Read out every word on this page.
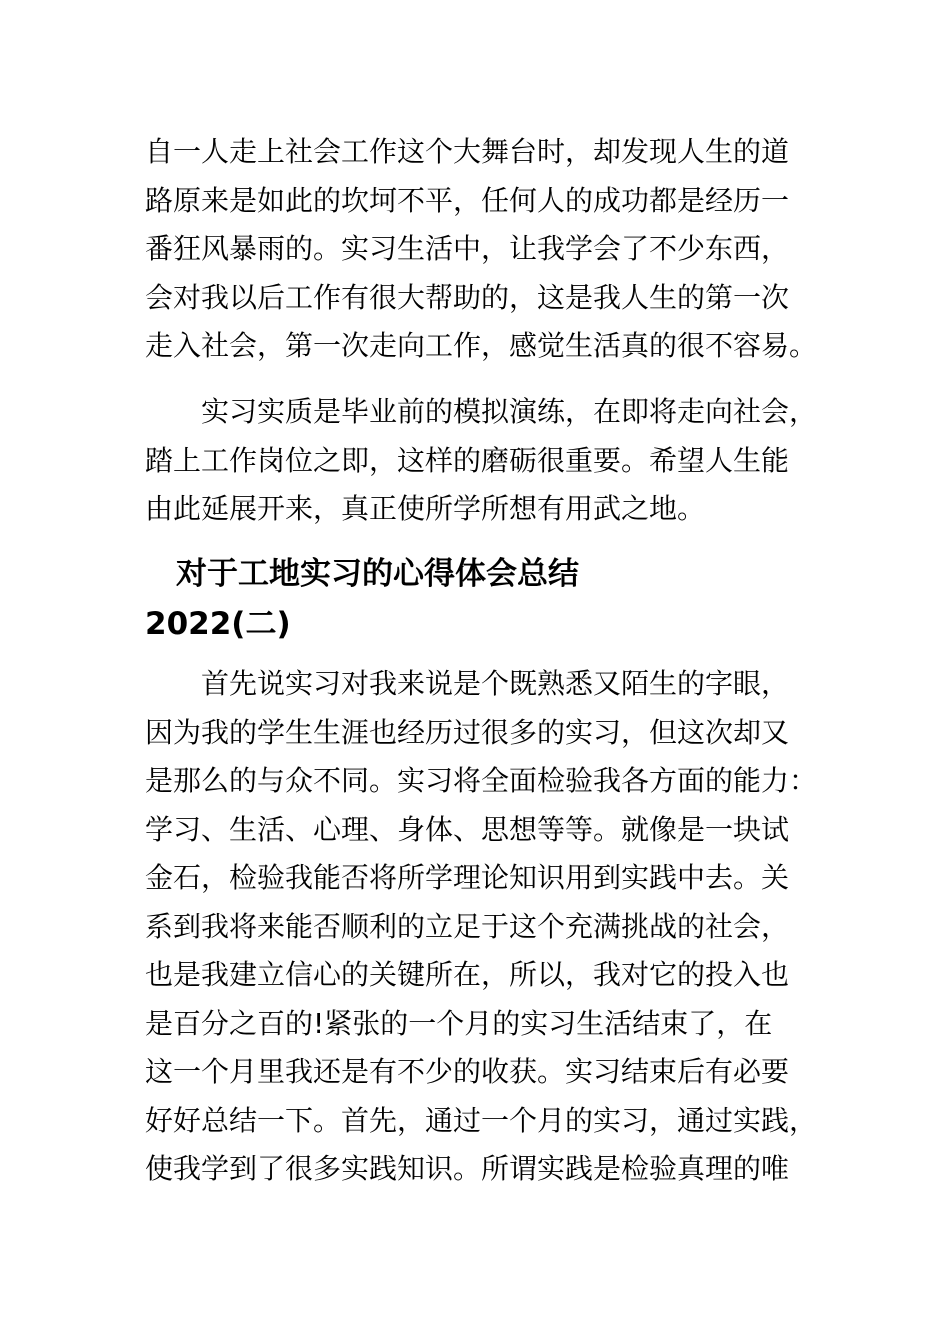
自一人走上社会工作这个大舞台时，却发现人生的道
路原来是如此的坎坷不平，任何人的成功都是经历一
番狂风暴雨的。实习生活中，让我学会了不少东西，
会对我以后工作有很大帮助的，这是我人生的第一次
走入社会，第一次走向工作，感觉生活真的很不容易。
　　实习实质是毕业前的模拟演练，在即将走向社会，
踏上工作岗位之即，这样的磨砺很重要。希望人生能
由此延展开来，真正使所学所想有用武之地。
　对于工地实习的心得体会总结
2022(二)
　　首先说实习对我来说是个既熟悉又陌生的字眼，
因为我的学生生涯也经历过很多的实习，但这次却又
是那么的与众不同。实习将全面检验我各方面的能力：
学习、生活、心理、身体、思想等等。就像是一块试
金石，检验我能否将所学理论知识用到实践中去。关
系到我将来能否顺利的立足于这个充满挑战的社会，
也是我建立信心的关键所在，所以，我对它的投入也
是百分之百的!紧张的一个月的实习生活结束了，在
这一个月里我还是有不少的收获。实习结束后有必要
好好总结一下。首先，通过一个月的实习，通过实践，
使我学到了很多实践知识。所谓实践是检验真理的唯
